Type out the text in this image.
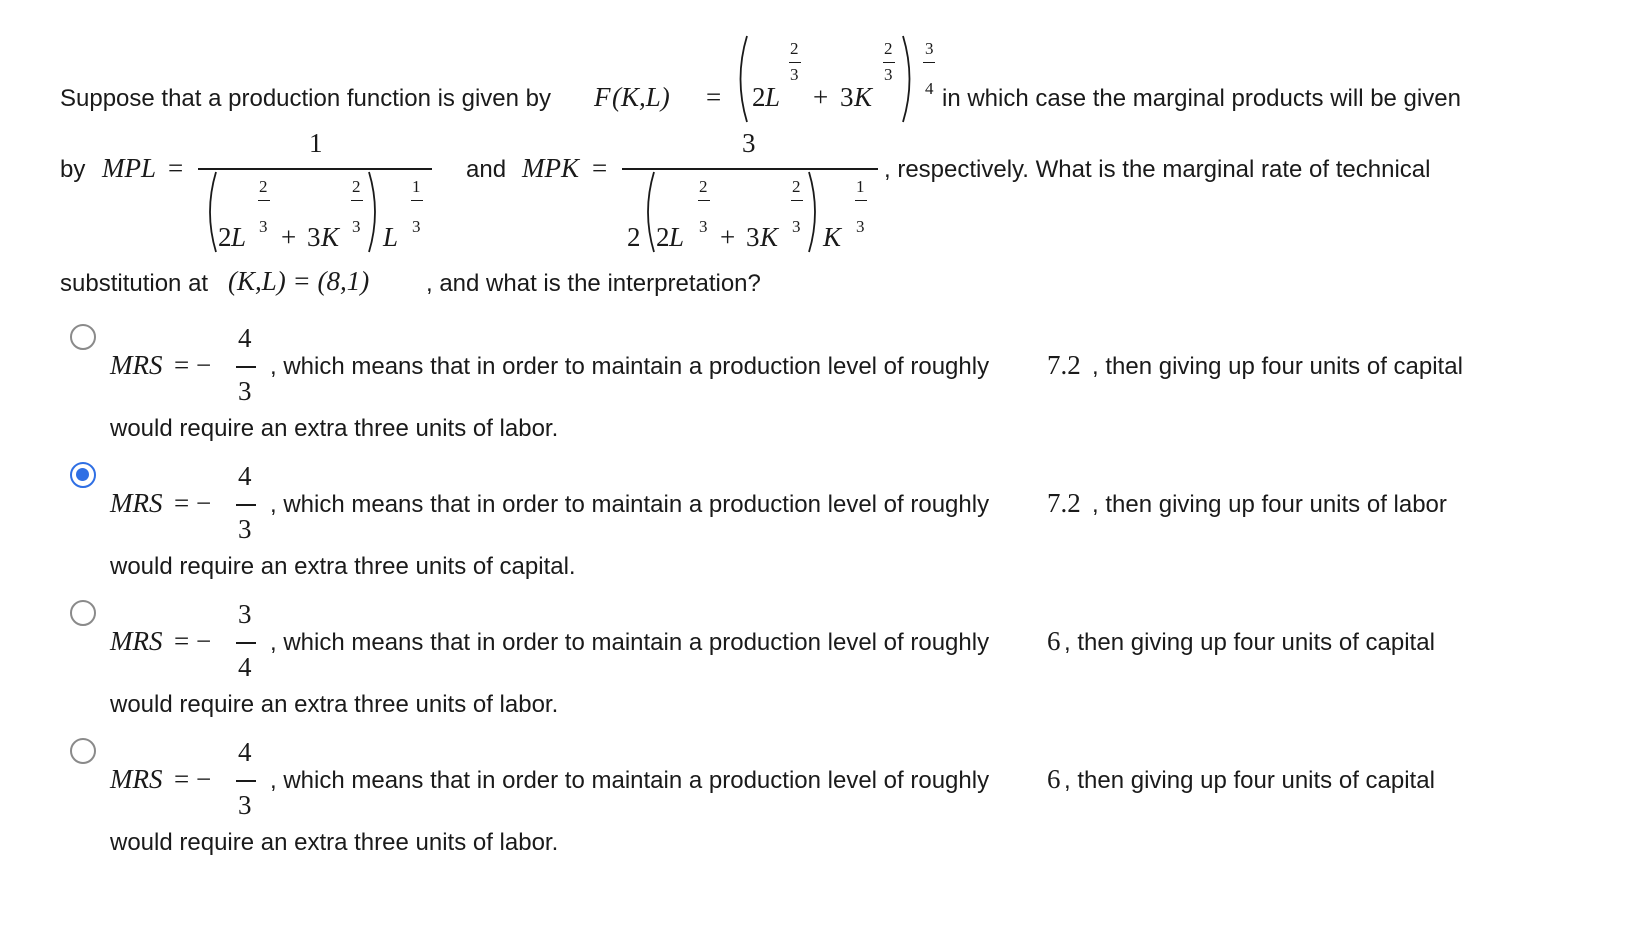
Suppose that a production function is given by F (K,L) = 2 L
2
3
+ 3 K
2
3
3
4 in which case the marginal products will be given
by MPL =
1
2 L
2
3 + 3 K
2
3 L
1
3
and MPK =
3
2 2 L
2
3 + 3 K
2
3 K
1
3
, respectively. What is the marginal rate of technical
substitution at (K,L) = (8,1) , and what is the interpretation?
MRS = −
4
3
, which means that in order to maintain a production level of roughly 7.2 , then giving up four units of capital
would require an extra three units of labor.
MRS = −
4
3
, which means that in order to maintain a production level of roughly 7.2 , then giving up four units of labor
would require an extra three units of capital.
MRS = −
3
4
, which means that in order to maintain a production level of roughly 6 , then giving up four units of capital
would require an extra three units of labor.
MRS = −
4
3
, which means that in order to maintain a production level of roughly 6 , then giving up four units of capital
would require an extra three units of labor.
